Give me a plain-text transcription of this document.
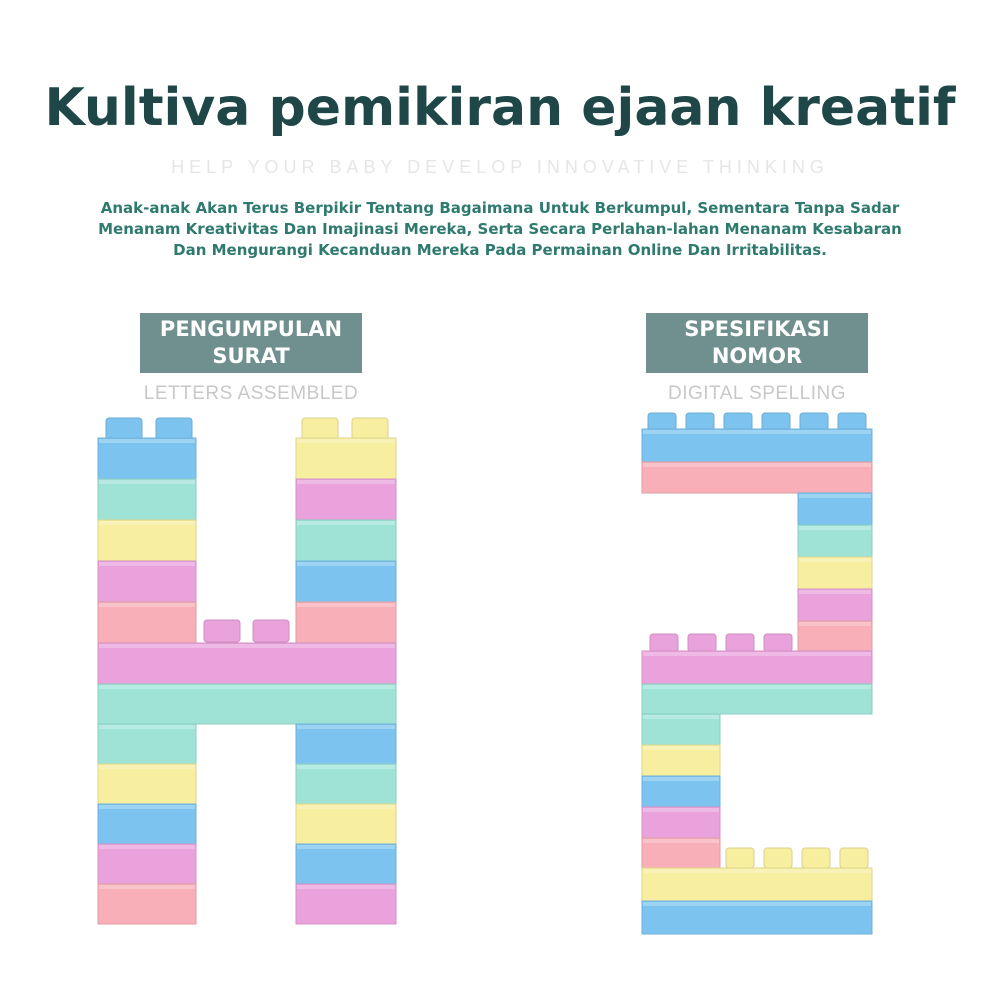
Kultiva pemikiran ejaan kreatif
HELP YOUR BABY DEVELOP INNOVATIVE THINKING
Anak-anak Akan Terus Berpikir Tentang Bagaimana Untuk Berkumpul, Sementara Tanpa Sadar Menanam Kreativitas Dan Imajinasi Mereka, Serta Secara Perlahan-lahan Menanam Kesabaran Dan Mengurangi Kecanduan Mereka Pada Permainan Online Dan Irritabilitas.
PENGUMPULAN SURAT
LETTERS ASSEMBLED
SPESIFIKASI NOMOR
DIGITAL SPELLING
